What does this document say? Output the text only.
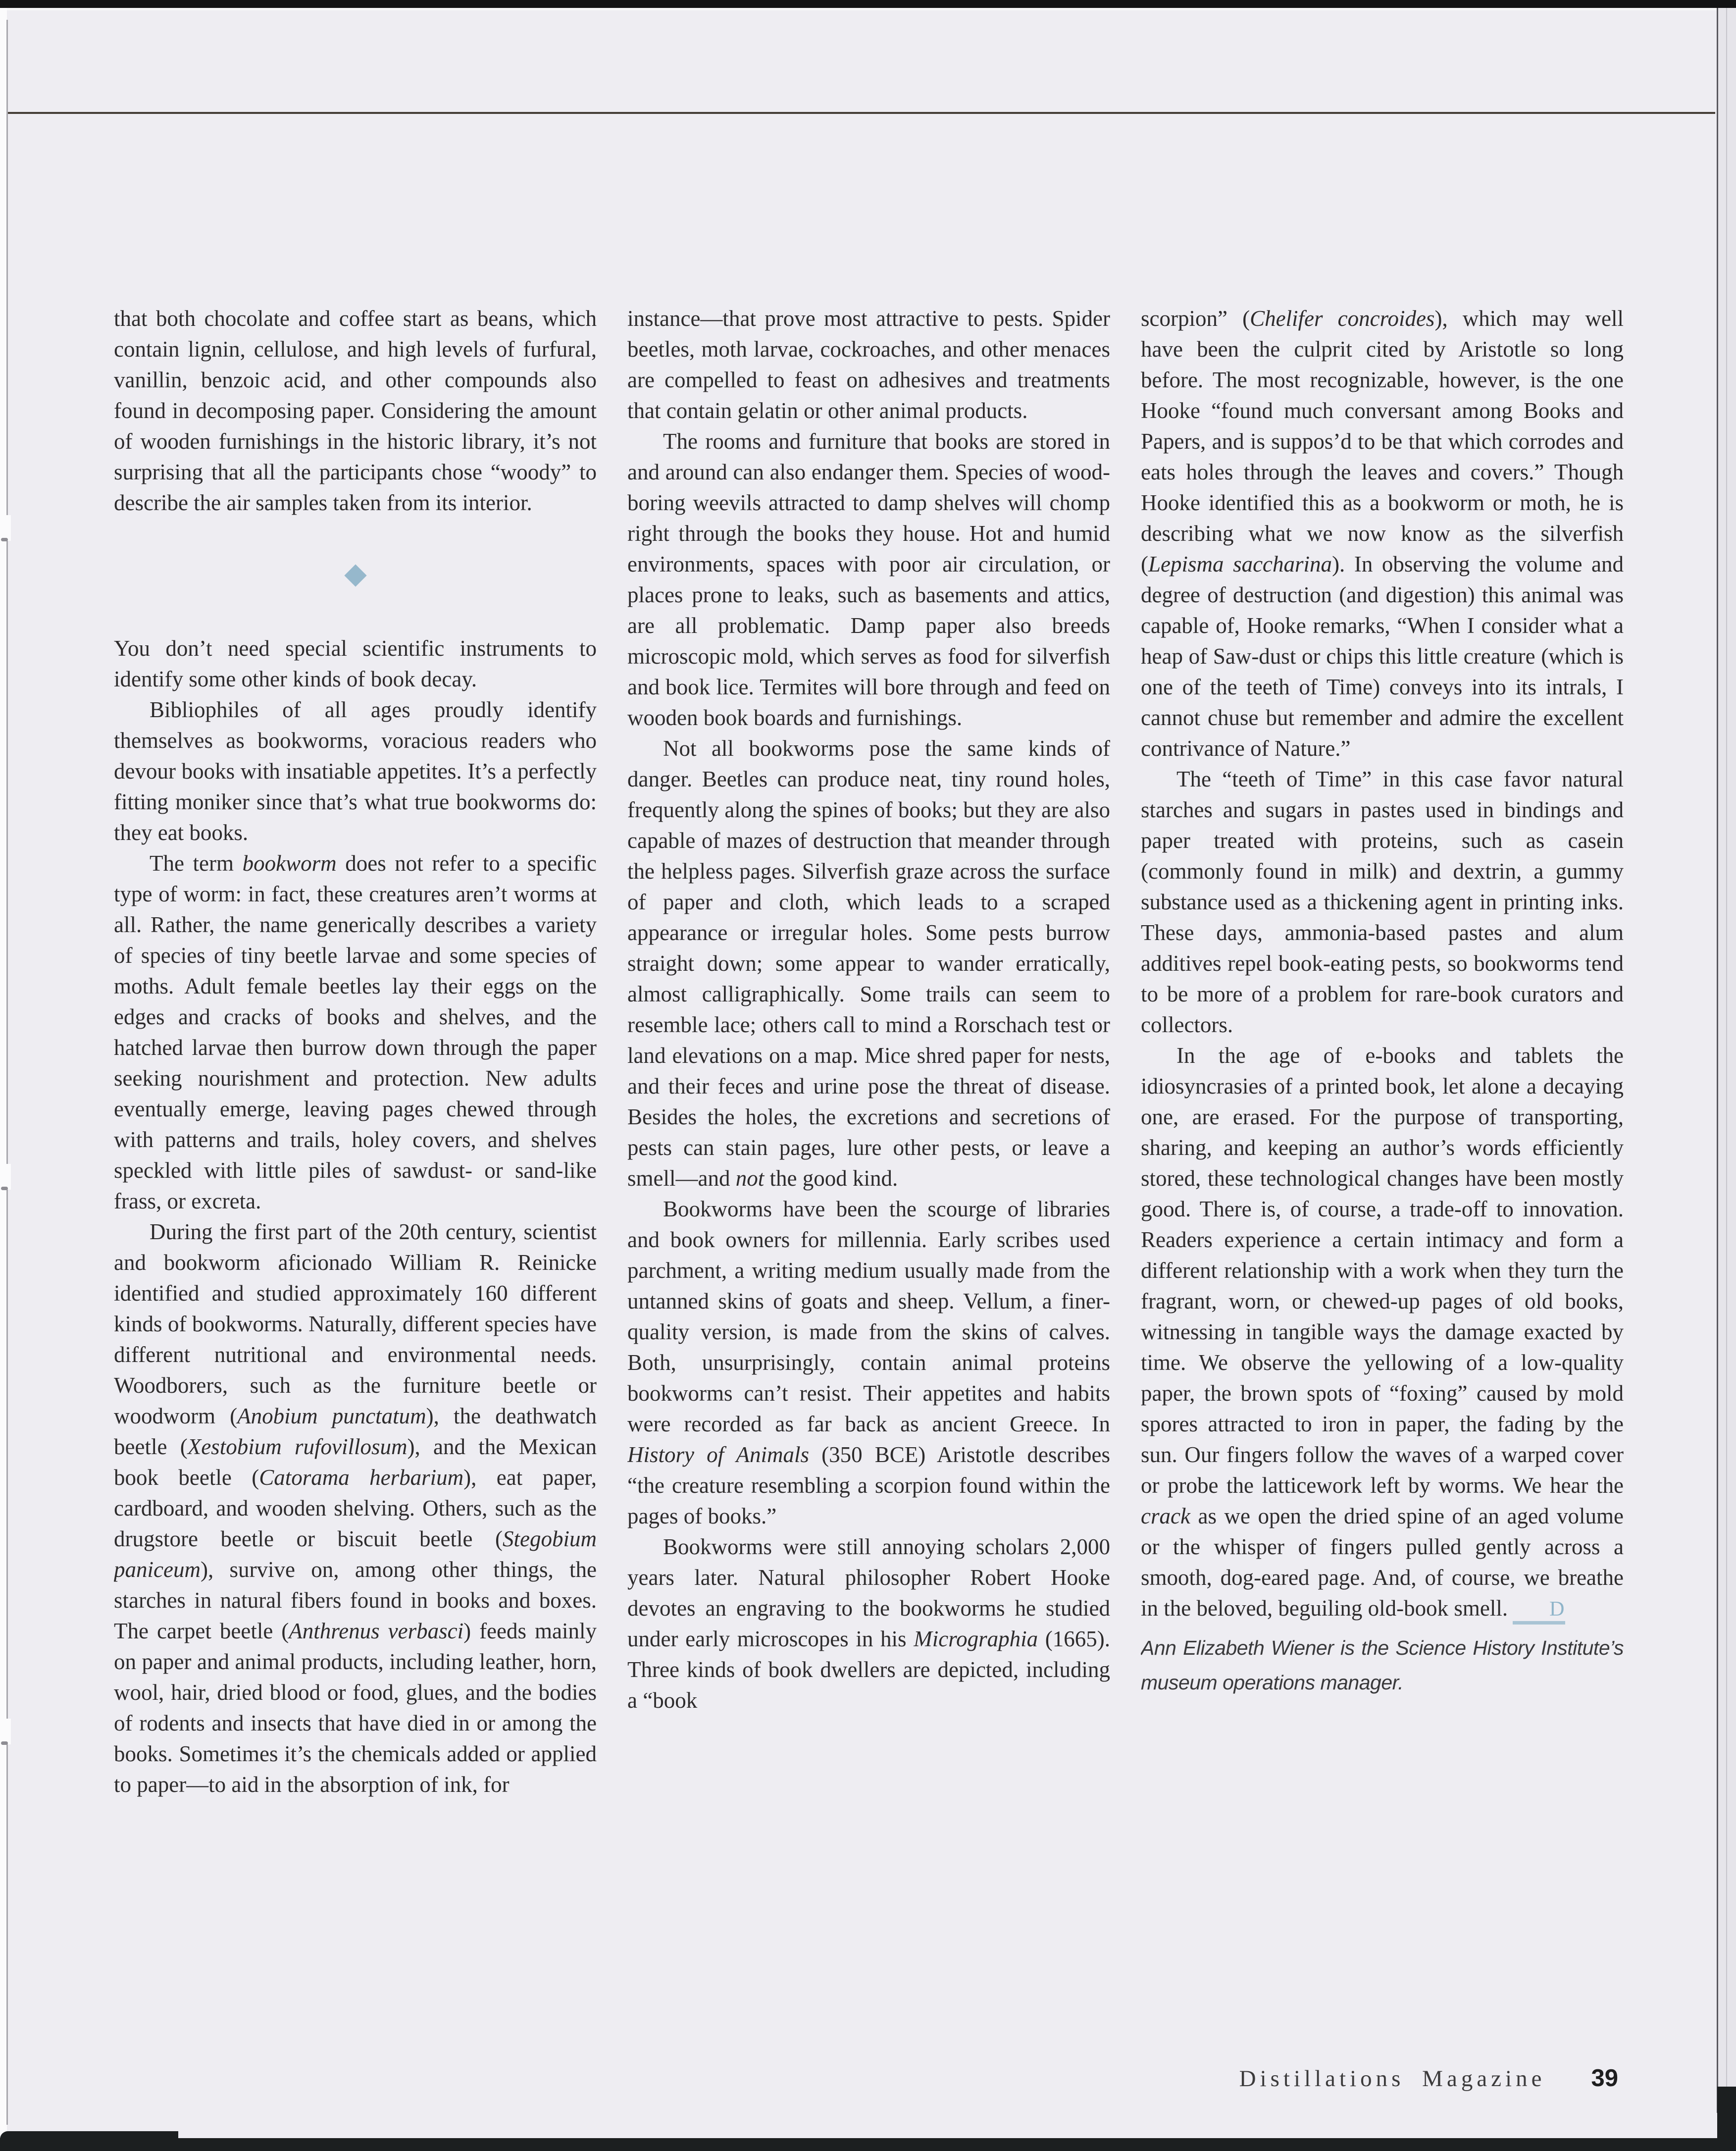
that both chocolate and coffee start as beans, which contain lignin, cellulose, and high levels of furfural, vanillin, benzoic acid, and other compounds also found in decomposing paper. Considering the amount of wooden furnishings in the historic library, it’s not surprising that all the participants chose “woody” to describe the air samples taken from its interior.

You don’t need special scientific instruments to identify some other kinds of book decay.

Bibliophiles of all ages proudly identify themselves as bookworms, voracious readers who devour books with insatiable appetites. It’s a perfectly fitting moniker since that’s what true bookworms do: they eat books.

The term bookworm does not refer to a specific type of worm: in fact, these creatures aren’t worms at all. Rather, the name generically describes a variety of species of tiny beetle larvae and some species of moths. Adult female beetles lay their eggs on the edges and cracks of books and shelves, and the hatched larvae then burrow down through the paper seeking nourishment and protection. New adults eventually emerge, leaving pages chewed through with patterns and trails, holey covers, and shelves speckled with little piles of sawdust- or sand-like frass, or excreta.

During the first part of the 20th century, scientist and bookworm aficionado William R. Reinicke identified and studied approximately 160 different kinds of bookworms. Naturally, different species have different nutritional and environmental needs. Woodborers, such as the furniture beetle or woodworm (Anobium punctatum), the deathwatch beetle (Xestobium rufovillosum), and the Mexican book beetle (Catorama herbarium), eat paper, cardboard, and wooden shelving. Others, such as the drugstore beetle or biscuit beetle (Stegobium paniceum), survive on, among other things, the starches in natural fibers found in books and boxes. The carpet beetle (Anthrenus verbasci) feeds mainly on paper and animal products, including leather, horn, wool, hair, dried blood or food, glues, and the bodies of rodents and insects that have died in or among the books. Sometimes it’s the chemicals added or applied to paper—to aid in the absorption of ink, for

instance—that prove most attractive to pests. Spider beetles, moth larvae, cockroaches, and other menaces are compelled to feast on adhesives and treatments that contain gelatin or other animal products.

The rooms and furniture that books are stored in and around can also endanger them. Species of wood-boring weevils attracted to damp shelves will chomp right through the books they house. Hot and humid environments, spaces with poor air circulation, or places prone to leaks, such as basements and attics, are all problematic. Damp paper also breeds microscopic mold, which serves as food for silverfish and book lice. Termites will bore through and feed on wooden book boards and furnishings.

Not all bookworms pose the same kinds of danger. Beetles can produce neat, tiny round holes, frequently along the spines of books; but they are also capable of mazes of destruction that meander through the helpless pages. Silverfish graze across the surface of paper and cloth, which leads to a scraped appearance or irregular holes. Some pests burrow straight down; some appear to wander erratically, almost calligraphically. Some trails can seem to resemble lace; others call to mind a Rorschach test or land elevations on a map. Mice shred paper for nests, and their feces and urine pose the threat of disease. Besides the holes, the excretions and secretions of pests can stain pages, lure other pests, or leave a smell—and not the good kind.

Bookworms have been the scourge of libraries and book owners for millennia. Early scribes used parchment, a writing medium usually made from the untanned skins of goats and sheep. Vellum, a finer-quality version, is made from the skins of calves. Both, unsurprisingly, contain animal proteins bookworms can’t resist. Their appetites and habits were recorded as far back as ancient Greece. In History of Animals (350 BCE) Aristotle describes “the creature resembling a scorpion found within the pages of books.”

Bookworms were still annoying scholars 2,000 years later. Natural philosopher Robert Hooke devotes an engraving to the bookworms he studied under early microscopes in his Micrographia (1665). Three kinds of book dwellers are depicted, including a “book

scorpion” (Chelifer concroides), which may well have been the culprit cited by Aristotle so long before. The most recognizable, however, is the one Hooke “found much conversant among Books and Papers, and is suppos’d to be that which corrodes and eats holes through the leaves and covers.” Though Hooke identified this as a bookworm or moth, he is describing what we now know as the silverfish (Lepisma saccharina). In observing the volume and degree of destruction (and digestion) this animal was capable of, Hooke remarks, “When I consider what a heap of Saw-dust or chips this little creature (which is one of the teeth of Time) conveys into its intrals, I cannot chuse but remember and admire the excellent contrivance of Nature.”

The “teeth of Time” in this case favor natural starches and sugars in pastes used in bindings and paper treated with proteins, such as casein (commonly found in milk) and dextrin, a gummy substance used as a thickening agent in printing inks. These days, ammonia-based pastes and alum additives repel book-eating pests, so bookworms tend to be more of a problem for rare-book curators and collectors.

In the age of e-books and tablets the idiosyncrasies of a printed book, let alone a decaying one, are erased. For the purpose of transporting, sharing, and keeping an author’s words efficiently stored, these technological changes have been mostly good. There is, of course, a trade-off to innovation. Readers experience a certain intimacy and form a different relationship with a work when they turn the fragrant, worn, or chewed-up pages of old books, witnessing in tangible ways the damage exacted by time. We observe the yellowing of a low-quality paper, the brown spots of “foxing” caused by mold spores attracted to iron in paper, the fading by the sun. Our fingers follow the waves of a warped cover or probe the latticework left by worms. We hear the crack as we open the dried spine of an aged volume or the whisper of fingers pulled gently across a smooth, dog-eared page. And, of course, we breathe in the beloved, beguiling old-book smell. D

Ann Elizabeth Wiener is the Science History Institute’s museum operations manager.

Distillations Magazine 39
